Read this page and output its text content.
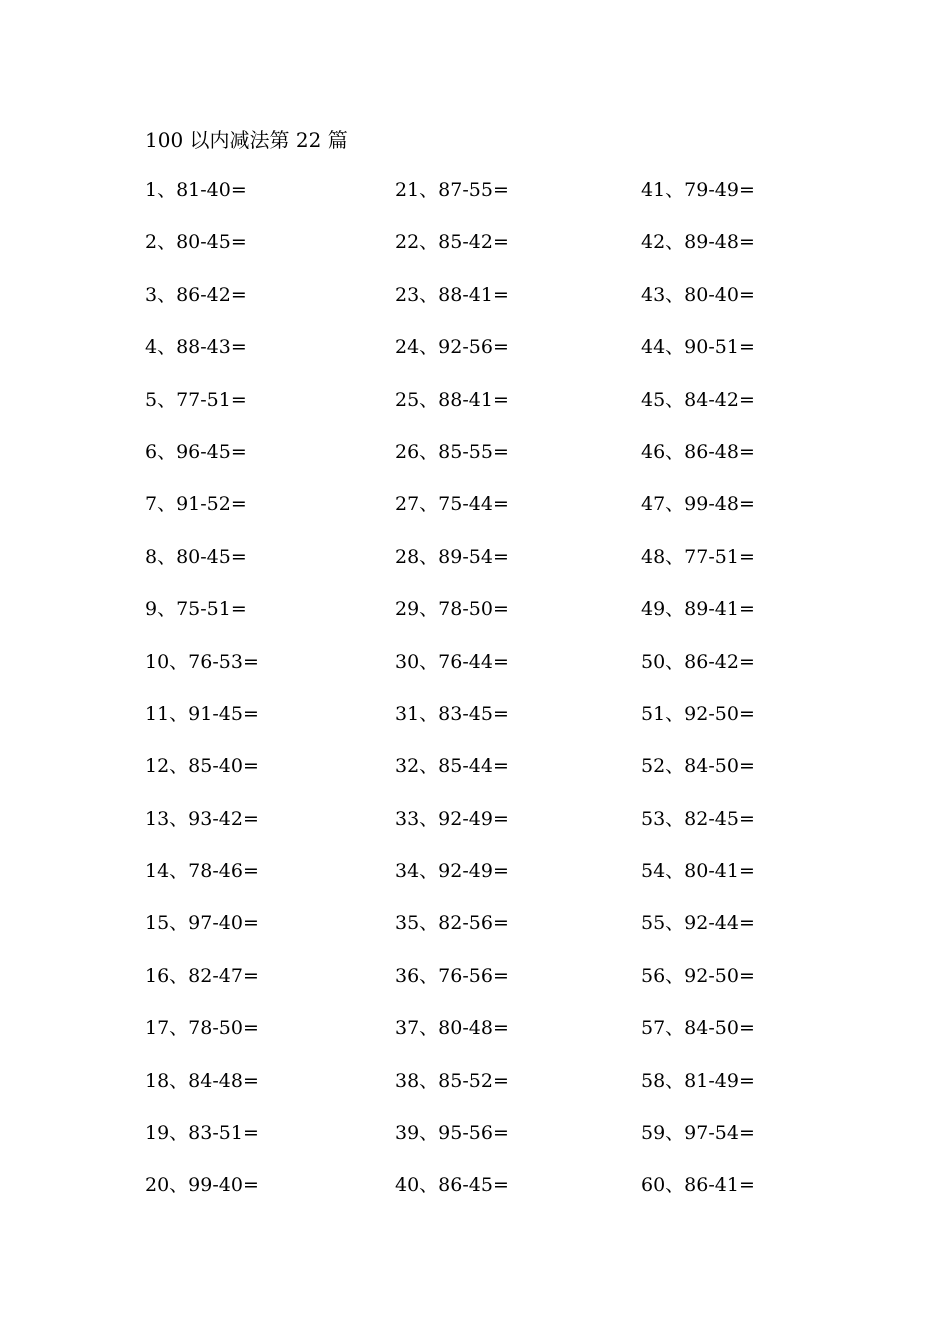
100 以内减法第 22 篇
1、81-40=
2、80-45=
3、86-42=
4、88-43=
5、77-51=
6、96-45=
7、91-52=
8、80-45=
9、75-51=
10、76-53=
11、91-45=
12、85-40=
13、93-42=
14、78-46=
15、97-40=
16、82-47=
17、78-50=
18、84-48=
19、83-51=
20、99-40=
21、87-55=
22、85-42=
23、88-41=
24、92-56=
25、88-41=
26、85-55=
27、75-44=
28、89-54=
29、78-50=
30、76-44=
31、83-45=
32、85-44=
33、92-49=
34、92-49=
35、82-56=
36、76-56=
37、80-48=
38、85-52=
39、95-56=
40、86-45=
41、79-49=
42、89-48=
43、80-40=
44、90-51=
45、84-42=
46、86-48=
47、99-48=
48、77-51=
49、89-41=
50、86-42=
51、92-50=
52、84-50=
53、82-45=
54、80-41=
55、92-44=
56、92-50=
57、84-50=
58、81-49=
59、97-54=
60、86-41=
